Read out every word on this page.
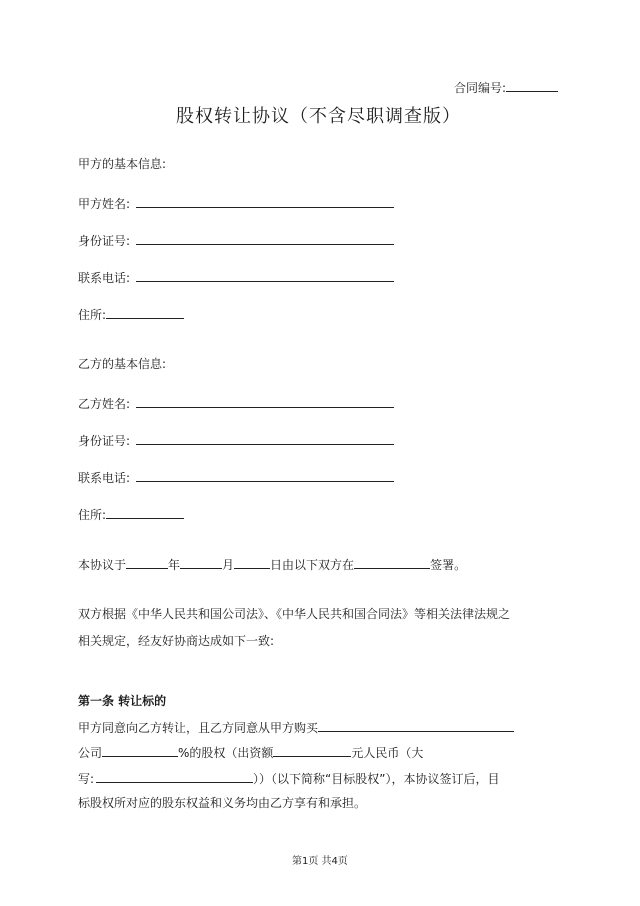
合同编号:
股权转让协议（不含尽职调查版）
甲方的基本信息:
甲方姓名:
身份证号:
联系电话:
住所:
乙方的基本信息:
乙方姓名:
身份证号:
联系电话:
住所:
本协议于	年	月	日由以下双方在	签署。
双方根据《中华人民共和国公司法》、《中华人民共和国合同法》等相关法律法规之
相关规定，经友好协商达成如下一致:
第一条 转让标的
甲方同意向乙方转让，且乙方同意从甲方购买
公司	%的股权（出资额	元人民币（大
写:	））（以下简称“目标股权”），本协议签订后，目
标股权所对应的股东权益和义务均由乙方享有和承担。
第1页 共4页
